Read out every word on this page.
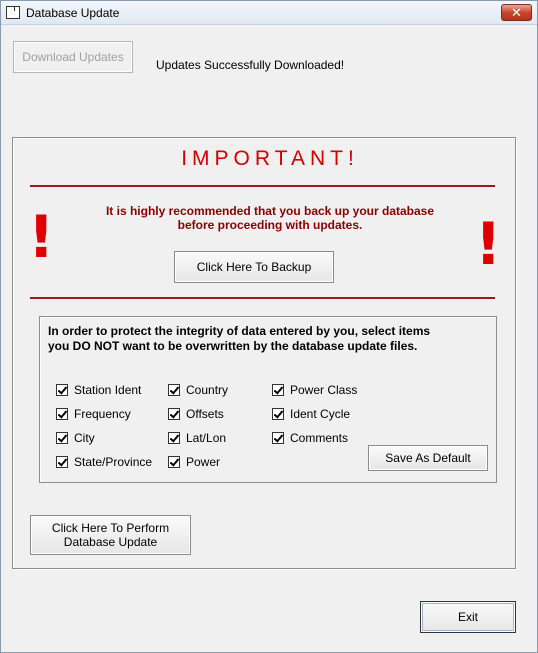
Database Update	✕
Download Updates
Updates Successfully Downloaded!
IMPORTANT!
!	!
It is highly recommended that you back up your database
before proceeding with updates.
Click Here To Backup
In order to protect the integrity of data entered by you, select items
you DO NOT want to be overwritten by the database update files.
Station Ident
Frequency
City
State/Province
Country
Offsets
Lat/Lon
Power
Power Class
Ident Cycle
Comments
Save As Default
Click Here To Perform
Database Update
Exit
